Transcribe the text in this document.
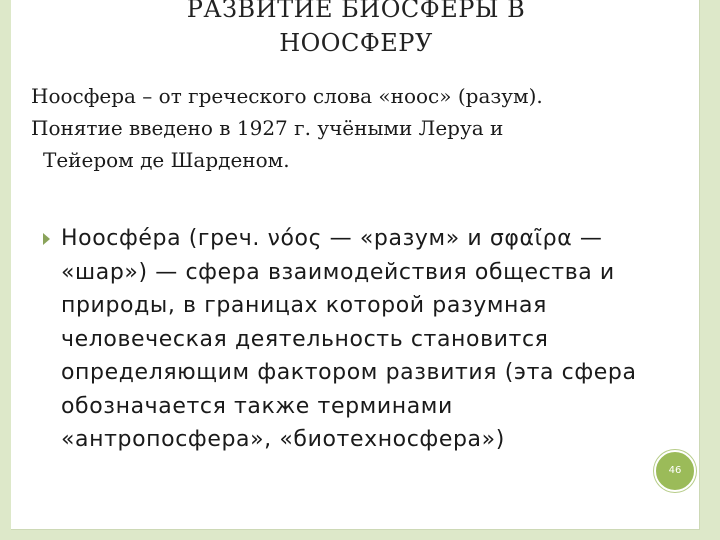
РАЗВИТИЕ БИОСФЕРЫ В
НООСФЕРУ

Ноосфера – от греческого слова «ноос» (разум).

Понятие введено в 1927 г. учёными Леруа и

Тейером де Шарденом.

Ноосфе́ра (греч. νόος — «разум» и σφαῖρα — «шар») — сфера взаимодействия общества и природы, в границах которой разумная человеческая деятельность становится определяющим фактором развития (эта сфера обозначается также терминами «антропосфера», «биотехносфера»)
46
